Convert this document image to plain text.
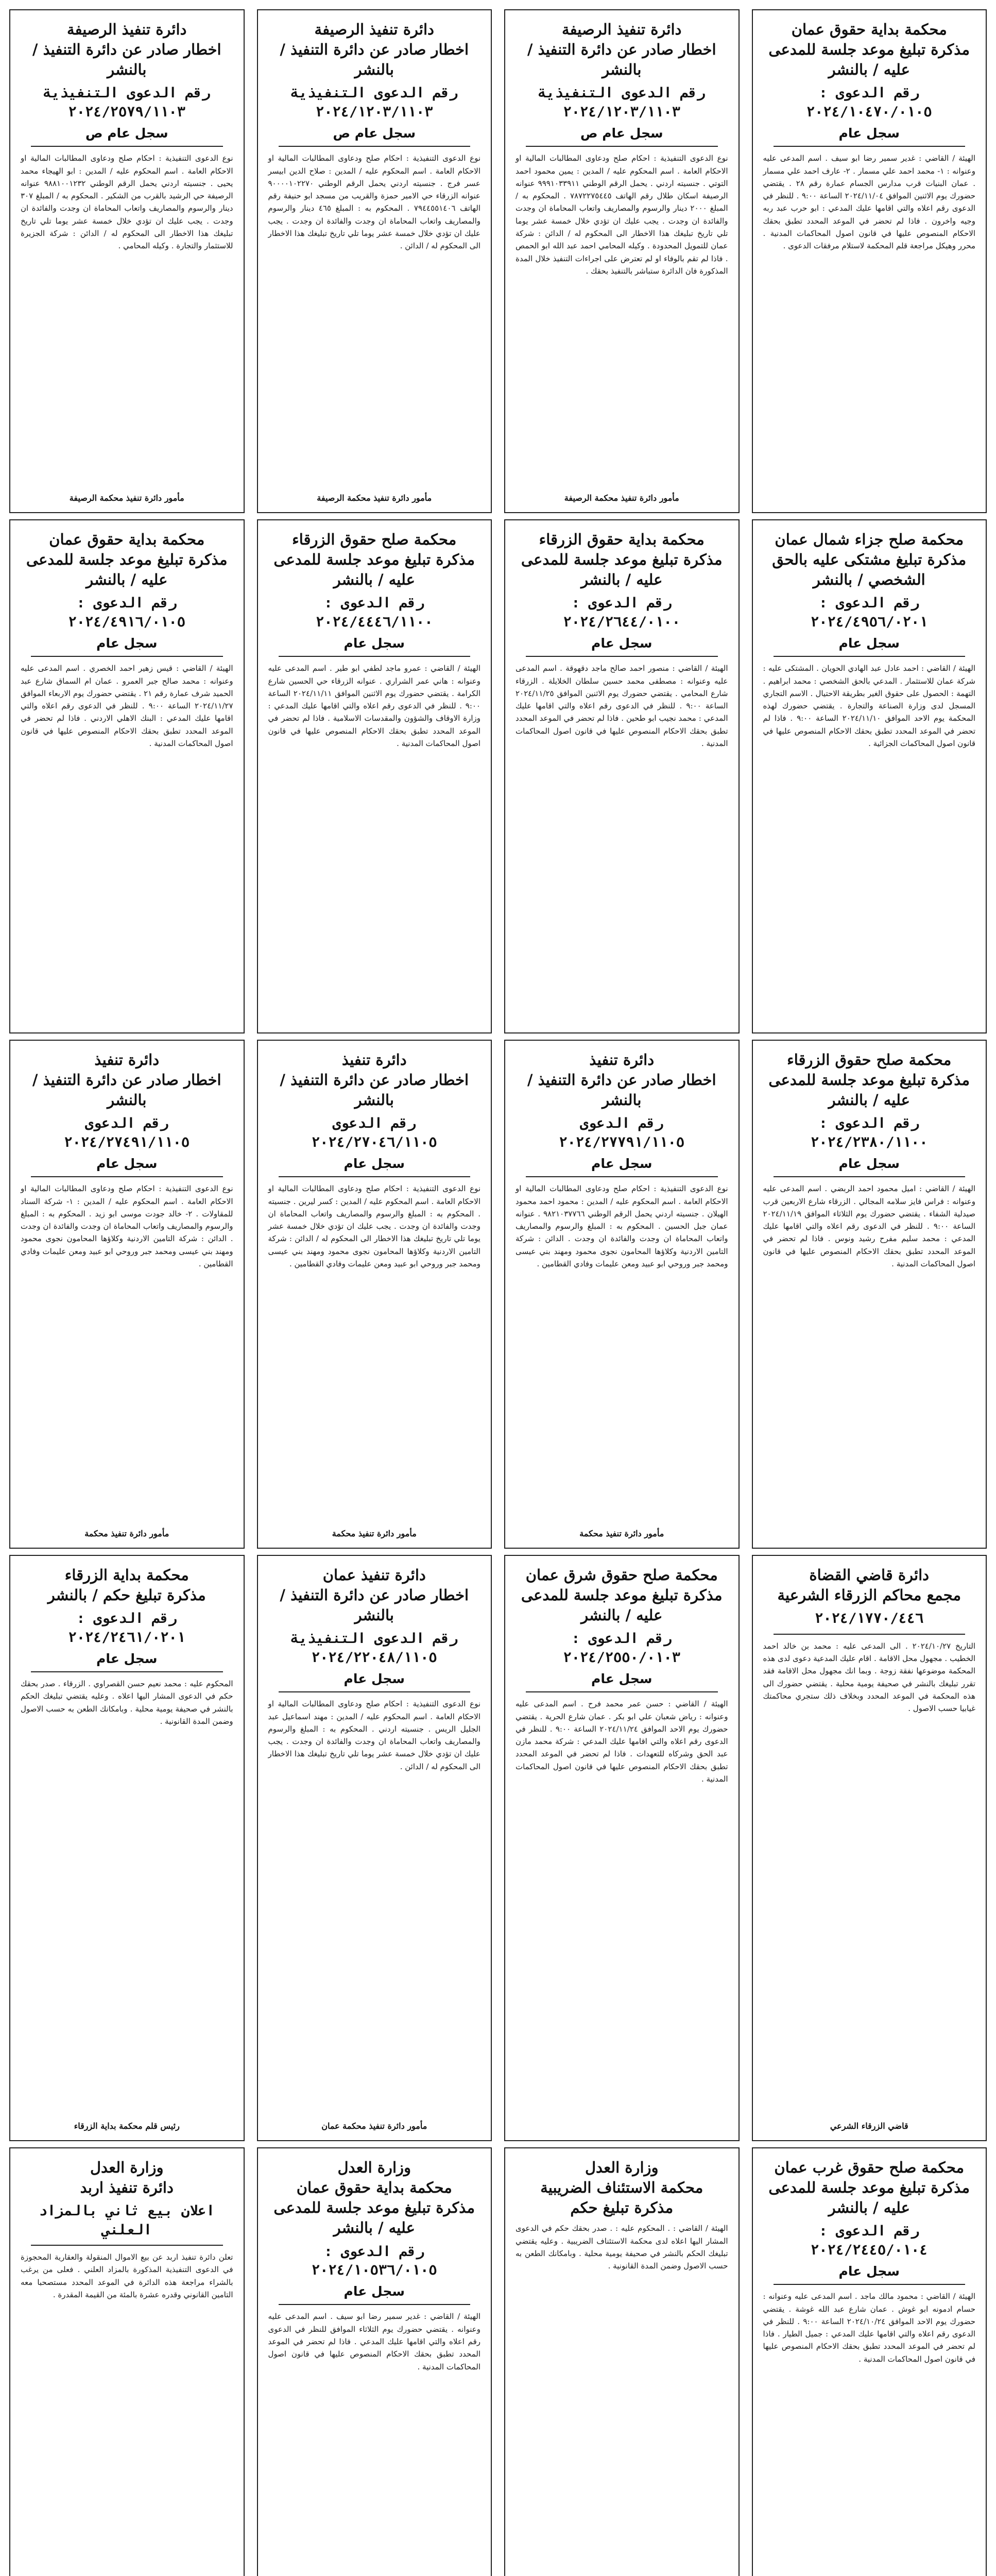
محكمة بداية حقوق عمان
مذكرة تبليغ موعد جلسة للمدعى عليه / بالنشر
رقم الدعوى : ٢٠٢٤/١٠٤٧٠/٠١٠٥
سجل عام
الهيئة / القاضي : غدير سمير رضا ابو سيف . اسم المدعى عليه وعنوانه : ١- محمد احمد علي مسمار . ٢- عارف احمد علي مسمار . عمان البنيات قرب مدارس الجسام عمارة رقم ٢٨ . يقتضي حضورك يوم الاثنين الموافق ٢٠٢٤/١١/٠٤ الساعة ٩:٠٠ . للنظر في الدعوى رقم اعلاه والتي اقامها عليك المدعي : ابو حرب عبد ربه وجيه واخرون . فاذا لم تحضر في الموعد المحدد تطبق بحقك الاحكام المنصوص عليها في قانون اصول المحاكمات المدنية . محرر وهيكل مراجعة قلم المحكمة لاستلام مرفقات الدعوى .
دائرة تنفيذ الرصيفة
اخطار صادر عن دائرة التنفيذ / بالنشر
رقم الدعوى التنفيذية ٢٠٢٤/١٢٠٣/١١٠٣
سجل عام ص
نوع الدعوى التنفيذية : احكام صلح ودعاوى المطالبات المالية او الاحكام العامة . اسم المحكوم عليه / المدين : يمين محمود احمد التوتي . جنسيته اردني . يحمل الرقم الوطني ٩٩٩١٠٣٣٩١١ عنوانه الرصيفة اسكان طلال رقم الهاتف ٧٨٧٢٢٧٥٤٤٥ . المحكوم به / المبلغ ٢٠٠٠ دينار والرسوم والمصاريف واتعاب المحاماة ان وجدت والفائدة ان وجدت . يجب عليك ان تؤدي خلال خمسة عشر يوما تلي تاريخ تبليغك هذا الاخطار الى المحكوم له / الدائن : شركة عمان للتمويل المحدودة . وكيله المحامي احمد عبد الله ابو الحمص . فاذا لم تقم بالوفاء او لم تعترض على اجراءات التنفيذ خلال المدة المذكورة فان الدائرة ستباشر بالتنفيذ بحقك .
مأمور دائرة تنفيذ محكمة الرصيفة
دائرة تنفيذ الرصيفة
اخطار صادر عن دائرة التنفيذ / بالنشر
رقم الدعوى التنفيذية ٢٠٢٤/١٢٠٣/١١٠٣
سجل عام ص
نوع الدعوى التنفيذية : احكام صلح ودعاوى المطالبات المالية او الاحكام العامة . اسم المحكوم عليه / المدين : صلاح الدين ابيسر عسر فرج . جنسيته اردني يحمل الرقم الوطني ٩٠٠٠٠١٠٢٢٧٠ عنوانه الزرقاء حي الامير حمزة والقريب من مسجد ابو حنيفة رقم الهاتف ٧٩٤٤٥٥١٤٠٦ . المحكوم به : المبلغ ٤٦٥ دينار والرسوم والمصاريف واتعاب المحاماة ان وجدت والفائدة ان وجدت . يجب عليك ان تؤدي خلال خمسة عشر يوما تلي تاريخ تبليغك هذا الاخطار الى المحكوم له / الدائن .
مأمور دائرة تنفيذ محكمة الرصيفة
دائرة تنفيذ الرصيفة
اخطار صادر عن دائرة التنفيذ / بالنشر
رقم الدعوى التنفيذية ٢٠٢٤/٢٥٧٩/١١٠٣
سجل عام ص
نوع الدعوى التنفيذية : احكام صلح ودعاوى المطالبات المالية او الاحكام العامة . اسم المحكوم عليه / المدين : ابو الهيجاء محمد يحيى . جنسيته اردني يحمل الرقم الوطني ٩٨٨١٠٠١٢٣٢ عنوانه الرصيفة حي الرشيد بالقرب من الشكير . المحكوم به / المبلغ ٣٠٧ دينار والرسوم والمصاريف واتعاب المحاماة ان وجدت والفائدة ان وجدت . يجب عليك ان تؤدي خلال خمسة عشر يوما تلي تاريخ تبليغك هذا الاخطار الى المحكوم له / الدائن : شركة الجزيرة للاستثمار والتجارة . وكيله المحامي .
مأمور دائرة تنفيذ محكمة الرصيفة
محكمة صلح جزاء شمال عمان
مذكرة تبليغ مشتكى عليه بالحق الشخصي / بالنشر
رقم الدعوى : ٢٠٢٤/٤٩٥٦/٠٢٠١
سجل عام
الهيئة / القاضي : احمد عادل عبد الهادي الحويان . المشتكى عليه : شركة عمان للاستثمار . المدعي بالحق الشخصي : محمد ابراهيم . التهمة : الحصول على حقوق الغير بطريقة الاحتيال . الاسم التجاري المسجل لدى وزارة الصناعة والتجارة . يقتضي حضورك لهذه المحكمة يوم الاحد الموافق ٢٠٢٤/١١/١٠ الساعة ٩:٠٠ . فاذا لم تحضر في الموعد المحدد تطبق بحقك الاحكام المنصوص عليها في قانون اصول المحاكمات الجزائية .
محكمة بداية حقوق الزرقاء
مذكرة تبليغ موعد جلسة للمدعى عليه / بالنشر
رقم الدعوى : ٢٠٢٤/٢٦٤٤/٠١٠٠
سجل عام
الهيئة / القاضي : منصور احمد صالح ماجد دقهوقة . اسم المدعى عليه وعنوانه : مصطفى محمد حسين سلطان الخلايلة . الزرقاء شارع المحامي . يقتضي حضورك يوم الاثنين الموافق ٢٠٢٤/١١/٢٥ الساعة ٩:٠٠ . للنظر في الدعوى رقم اعلاه والتي اقامها عليك المدعي : محمد نجيب ابو طحين . فاذا لم تحضر في الموعد المحدد تطبق بحقك الاحكام المنصوص عليها في قانون اصول المحاكمات المدنية .
محكمة صلح حقوق الزرقاء
مذكرة تبليغ موعد جلسة للمدعى عليه / بالنشر
رقم الدعوى : ٢٠٢٤/٤٤٤٦/١١٠٠
سجل عام
الهيئة / القاضي : عمرو ماجد لطفي ابو طير . اسم المدعى عليه وعنوانه : هاني عمر الشراري . عنوانه الزرقاء حي الحسين شارع الكرامة . يقتضي حضورك يوم الاثنين الموافق ٢٠٢٤/١١/١١ الساعة ٩:٠٠ . للنظر في الدعوى رقم اعلاه والتي اقامها عليك المدعي : وزارة الاوقاف والشؤون والمقدسات الاسلامية . فاذا لم تحضر في الموعد المحدد تطبق بحقك الاحكام المنصوص عليها في قانون اصول المحاكمات المدنية .
محكمة بداية حقوق عمان
مذكرة تبليغ موعد جلسة للمدعى عليه / بالنشر
رقم الدعوى : ٢٠٢٤/٤٩١٦/٠١٠٥
سجل عام
الهيئة / القاضي : قيس زهير احمد الخصري . اسم المدعى عليه وعنوانه : محمد صالح جبر العمرو . عمان ام السماق شارع عبد الحميد شرف عمارة رقم ٢١ . يقتضي حضورك يوم الاربعاء الموافق ٢٠٢٤/١١/٢٧ الساعة ٩:٠٠ . للنظر في الدعوى رقم اعلاه والتي اقامها عليك المدعي : البنك الاهلي الاردني . فاذا لم تحضر في الموعد المحدد تطبق بحقك الاحكام المنصوص عليها في قانون اصول المحاكمات المدنية .
محكمة صلح حقوق الزرقاء
مذكرة تبليغ موعد جلسة للمدعى عليه / بالنشر
رقم الدعوى : ٢٠٢٤/٢٣٨٠/١١٠٠
سجل عام
الهيئة / القاضي : اميل محمود احمد الربضي . اسم المدعى عليه وعنوانه : فراس فايز سلامه المجالي . الزرقاء شارع الاربعين قرب صيدلية الشفاء . يقتضي حضورك يوم الثلاثاء الموافق ٢٠٢٤/١١/١٩ الساعة ٩:٠٠ . للنظر في الدعوى رقم اعلاه والتي اقامها عليك المدعي : محمد سليم مفرح رشيد ونوس . فاذا لم تحضر في الموعد المحدد تطبق بحقك الاحكام المنصوص عليها في قانون اصول المحاكمات المدنية .
دائرة تنفيذ
اخطار صادر عن دائرة التنفيذ / بالنشر
رقم الدعوى ٢٠٢٤/٢٧٧٩١/١١٠٥
سجل عام
نوع الدعوى التنفيذية : احكام صلح ودعاوى المطالبات المالية او الاحكام العامة . اسم المحكوم عليه / المدين : محمود احمد محمود الهيلان . جنسيته اردني يحمل الرقم الوطني ٩٨٢١٠٣٧٧٦٦ . عنوانه عمان جبل الحسين . المحكوم به : المبلغ والرسوم والمصاريف واتعاب المحاماة ان وجدت والفائدة ان وجدت . الدائن : شركة التامين الاردنية وكلاؤها المحامون نجوى محمود ومهند بني عيسى ومحمد جبر وروحي ابو عبيد ومعن عليمات وفادي القطامين .
مأمور دائرة تنفيذ محكمة
دائرة تنفيذ
اخطار صادر عن دائرة التنفيذ / بالنشر
رقم الدعوى ٢٠٢٤/٢٧٠٤٦/١١٠٥
سجل عام
نوع الدعوى التنفيذية : احكام صلح ودعاوى المطالبات المالية او الاحكام العامة . اسم المحكوم عليه / المدين : كسر ليرين . جنسيته . المحكوم به : المبلغ والرسوم والمصاريف واتعاب المحاماة ان وجدت والفائدة ان وجدت . يجب عليك ان تؤدي خلال خمسة عشر يوما تلي تاريخ تبليغك هذا الاخطار الى المحكوم له / الدائن : شركة التامين الاردنية وكلاؤها المحامون نجوى محمود ومهند بني عيسى ومحمد جبر وروحي ابو عبيد ومعن عليمات وفادي القطامين .
مأمور دائرة تنفيذ محكمة
دائرة تنفيذ
اخطار صادر عن دائرة التنفيذ / بالنشر
رقم الدعوى ٢٠٢٤/٢٧٤٩١/١١٠٥
سجل عام
نوع الدعوى التنفيذية : احكام صلح ودعاوى المطالبات المالية او الاحكام العامة . اسم المحكوم عليه / المدين : ١- شركة السناد للمقاولات . ٢- خالد جودت موسى ابو زيد . المحكوم به : المبلغ والرسوم والمصاريف واتعاب المحاماة ان وجدت والفائدة ان وجدت . الدائن : شركة التامين الاردنية وكلاؤها المحامون نجوى محمود ومهند بني عيسى ومحمد جبر وروحي ابو عبيد ومعن عليمات وفادي القطامين .
مأمور دائرة تنفيذ محكمة
دائرة قاضي القضاة
مجمع محاكم الزرقاء الشرعية
٢٠٢٤/١٧٧٠/٤٤٦
التاريخ ٢٠٢٤/١٠/٢٧ . الى المدعى عليه : محمد بن خالد احمد الخطيب . مجهول محل الاقامة . اقام عليك المدعية دعوى لدى هذه المحكمة موضوعها نفقة زوجة . وبما انك مجهول محل الاقامة فقد تقرر تبليغك بالنشر في صحيفة يومية محلية . يقتضي حضورك الى هذه المحكمة في الموعد المحدد وبخلاف ذلك ستجري محاكمتك غيابيا حسب الاصول .
قاضي الزرقاء الشرعي
محكمة صلح حقوق شرق عمان
مذكرة تبليغ موعد جلسة للمدعى عليه / بالنشر
رقم الدعوى : ٢٠٢٤/٢٥٥٠/٠١٠٣
سجل عام
الهيئة / القاضي : حسن عمر محمد فرح . اسم المدعى عليه وعنوانه : رياض شعبان علي ابو بكر . عمان شارع الحرية . يقتضي حضورك يوم الاحد الموافق ٢٠٢٤/١١/٢٤ الساعة ٩:٠٠ . للنظر في الدعوى رقم اعلاه والتي اقامها عليك المدعي : شركة محمد مازن عبد الحق وشركاه للتعهدات . فاذا لم تحضر في الموعد المحدد تطبق بحقك الاحكام المنصوص عليها في قانون اصول المحاكمات المدنية .
دائرة تنفيذ عمان
اخطار صادر عن دائرة التنفيذ / بالنشر
رقم الدعوى التنفيذية ٢٠٢٤/٢٢٠٤٨/١١٠٥
سجل عام
نوع الدعوى التنفيذية : احكام صلح ودعاوى المطالبات المالية او الاحكام العامة . اسم المحكوم عليه / المدين : مهند اسماعيل عبد الجليل الريس . جنسيته اردني . المحكوم به : المبلغ والرسوم والمصاريف واتعاب المحاماة ان وجدت والفائدة ان وجدت . يجب عليك ان تؤدي خلال خمسة عشر يوما تلي تاريخ تبليغك هذا الاخطار الى المحكوم له / الدائن .
مأمور دائرة تنفيذ محكمة عمان
محكمة بداية الزرقاء
مذكرة تبليغ حكم / بالنشر
رقم الدعوى : ٢٠٢٤/٢٤٦١/٠٢٠١
سجل عام
المحكوم عليه : محمد نعيم حسن القصراوي . الزرقاء . صدر بحقك حكم في الدعوى المشار اليها اعلاه . وعليه يقتضي تبليغك الحكم بالنشر في صحيفة يومية محلية . وبامكانك الطعن به حسب الاصول وضمن المدة القانونية .
رئيس قلم محكمة بداية الزرقاء
محكمة صلح حقوق غرب عمان
مذكرة تبليغ موعد جلسة للمدعى عليه / بالنشر
رقم الدعوى : ٢٠٢٤/٢٤٤٥/٠١٠٤
سجل عام
الهيئة / القاضي : محمود مالك ماجد . اسم المدعى عليه وعنوانه : حسام ادمونه ابو غوش . عمان شارع عبد الله غوشة . يقتضي حضورك يوم الاحد الموافق ٢٠٢٤/١٠/٢٤ الساعة ٩:٠٠ . للنظر في الدعوى رقم اعلاه والتي اقامها عليك المدعي : جميل الطيار . فاذا لم تحضر في الموعد المحدد تطبق بحقك الاحكام المنصوص عليها في قانون اصول المحاكمات المدنية .
وزارة العدل
محكمة الاستئناف الضريبية
مذكرة تبليغ حكم
الهيئة / القاضي : . المحكوم عليه : . صدر بحقك حكم في الدعوى المشار اليها اعلاه لدى محكمة الاستئناف الضريبية . وعليه يقتضي تبليغك الحكم بالنشر في صحيفة يومية محلية . وبامكانك الطعن به حسب الاصول وضمن المدة القانونية .
وزارة العدل
محكمة بداية حقوق عمان
مذكرة تبليغ موعد جلسة للمدعى عليه / بالنشر
رقم الدعوى : ٢٠٢٤/١٠٥٣٦/٠١٠٥
سجل عام
الهيئة / القاضي : غدير سمير رضا ابو سيف . اسم المدعى عليه وعنوانه . يقتضي حضورك يوم الثلاثاء الموافق للنظر في الدعوى رقم اعلاه والتي اقامها عليك المدعي . فاذا لم تحضر في الموعد المحدد تطبق بحقك الاحكام المنصوص عليها في قانون اصول المحاكمات المدنية .
وزارة العدل
دائرة تنفيذ اربد
اعلان بيع ثاني بالمزاد العلني
تعلن دائرة تنفيذ اربد عن بيع الاموال المنقولة والعقارية المحجوزة في الدعوى التنفيذية المذكورة بالمزاد العلني . فعلى من يرغب بالشراء مراجعة هذه الدائرة في الموعد المحدد مستصحبا معه التامين القانوني وقدره عشرة بالمئة من القيمة المقدرة .
